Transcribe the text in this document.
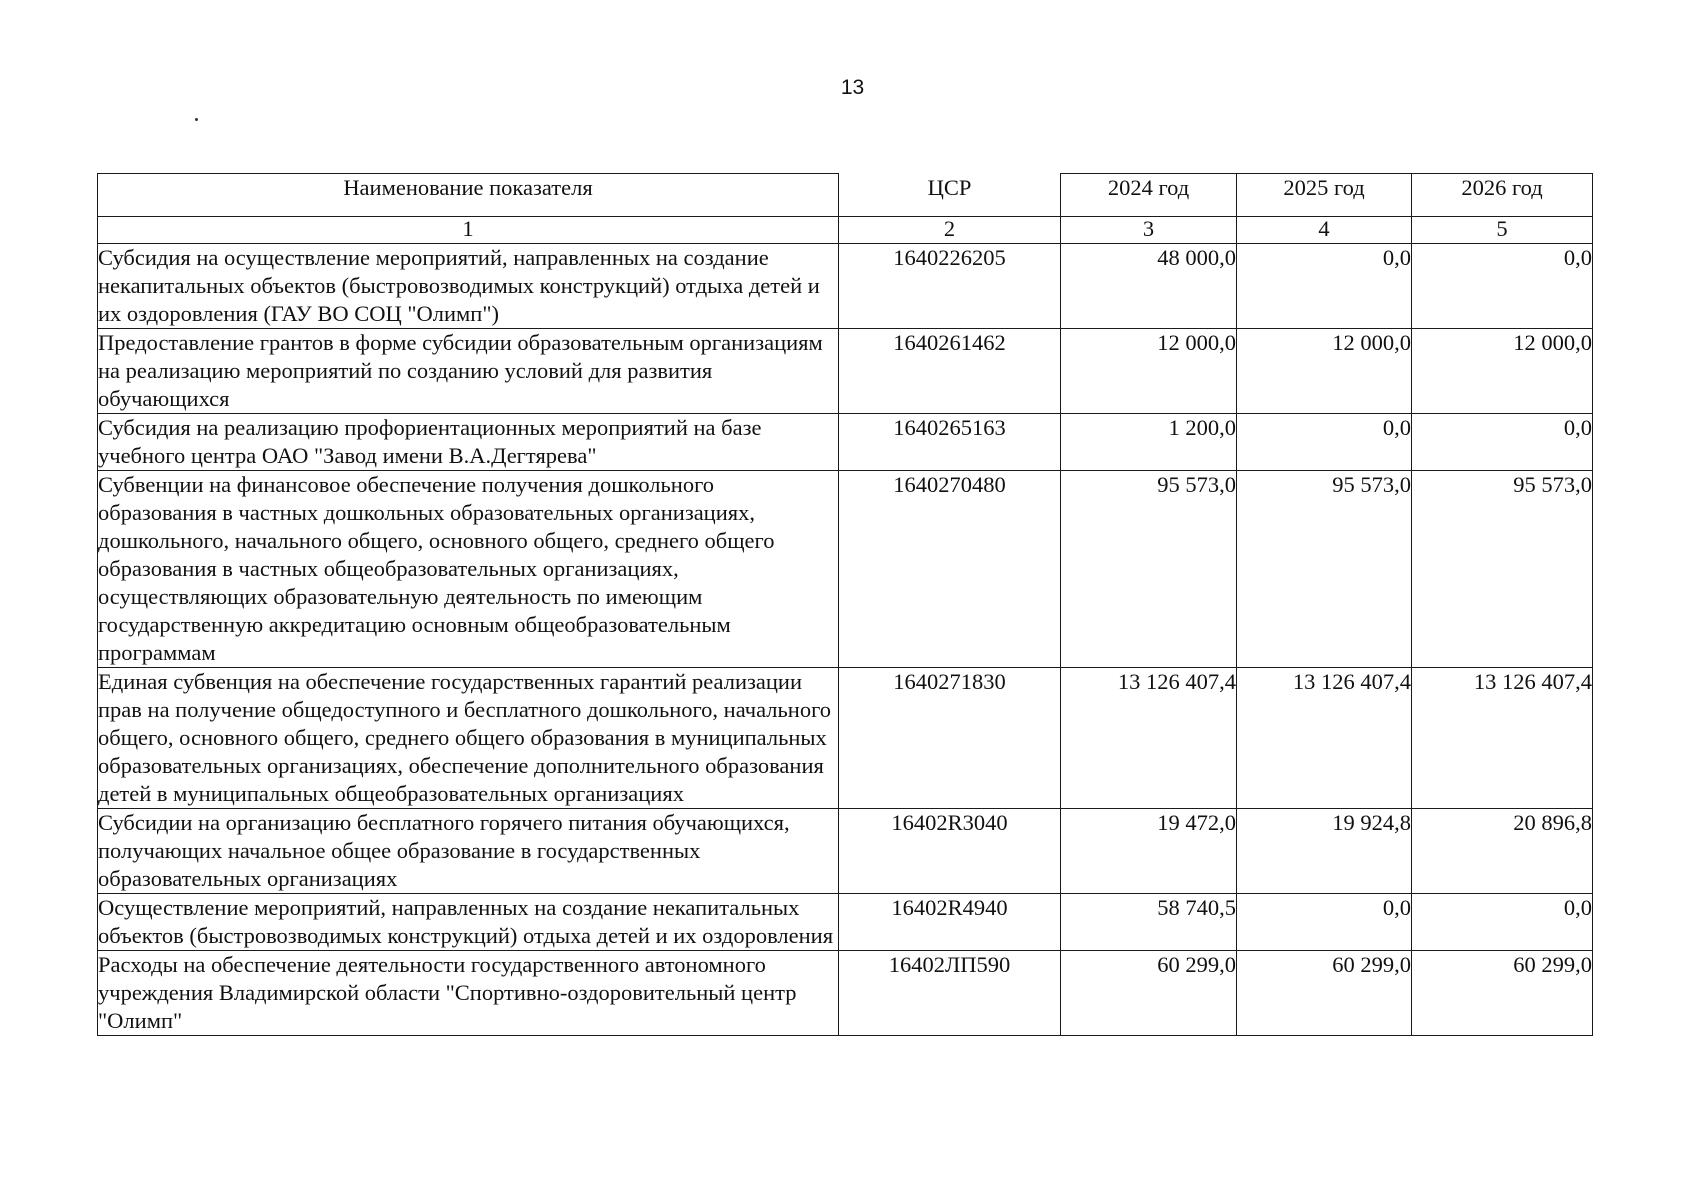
13
Наименование показателя	ЦСР	2024 год	2025 год	2026 год
1	2	3	4	5
Субсидия на осуществление мероприятий, направленных на создание некапитальных объектов (быстровозводимых конструкций) отдыха детей и их оздоровления (ГАУ ВО СОЦ "Олимп")	1640226205	48 000,0	0,0	0,0
Предоставление грантов в форме субсидии образовательным организациям на реализацию мероприятий по созданию условий для развития обучающихся	1640261462	12 000,0	12 000,0	12 000,0
Субсидия на реализацию профориентационных мероприятий на базе учебного центра ОАО "Завод имени В.А.Дегтярева"	1640265163	1 200,0	0,0	0,0
Субвенции на финансовое обеспечение получения дошкольного образования в частных дошкольных образовательных организациях, дошкольного, начального общего, основного общего, среднего общего образования в частных общеобразовательных организациях, осуществляющих образовательную деятельность по имеющим государственную аккредитацию основным общеобразовательным программам	1640270480	95 573,0	95 573,0	95 573,0
Единая субвенция на обеспечение государственных гарантий реализации прав на получение общедоступного и бесплатного дошкольного, начального общего, основного общего, среднего общего образования в муниципальных образовательных организациях, обеспечение дополнительного образования детей в муниципальных общеобразовательных организациях	1640271830	13 126 407,4	13 126 407,4	13 126 407,4
Субсидии на организацию бесплатного горячего питания обучающихся, получающих начальное общее образование в государственных образовательных организациях	16402R3040	19 472,0	19 924,8	20 896,8
Осуществление мероприятий, направленных на создание некапитальных объектов (быстровозводимых конструкций) отдыха детей и их оздоровления	16402R4940	58 740,5	0,0	0,0
Расходы на обеспечение деятельности государственного автономного учреждения Владимирской области "Спортивно-оздоровительный центр "Олимп"	16402ЛП590	60 299,0	60 299,0	60 299,0
